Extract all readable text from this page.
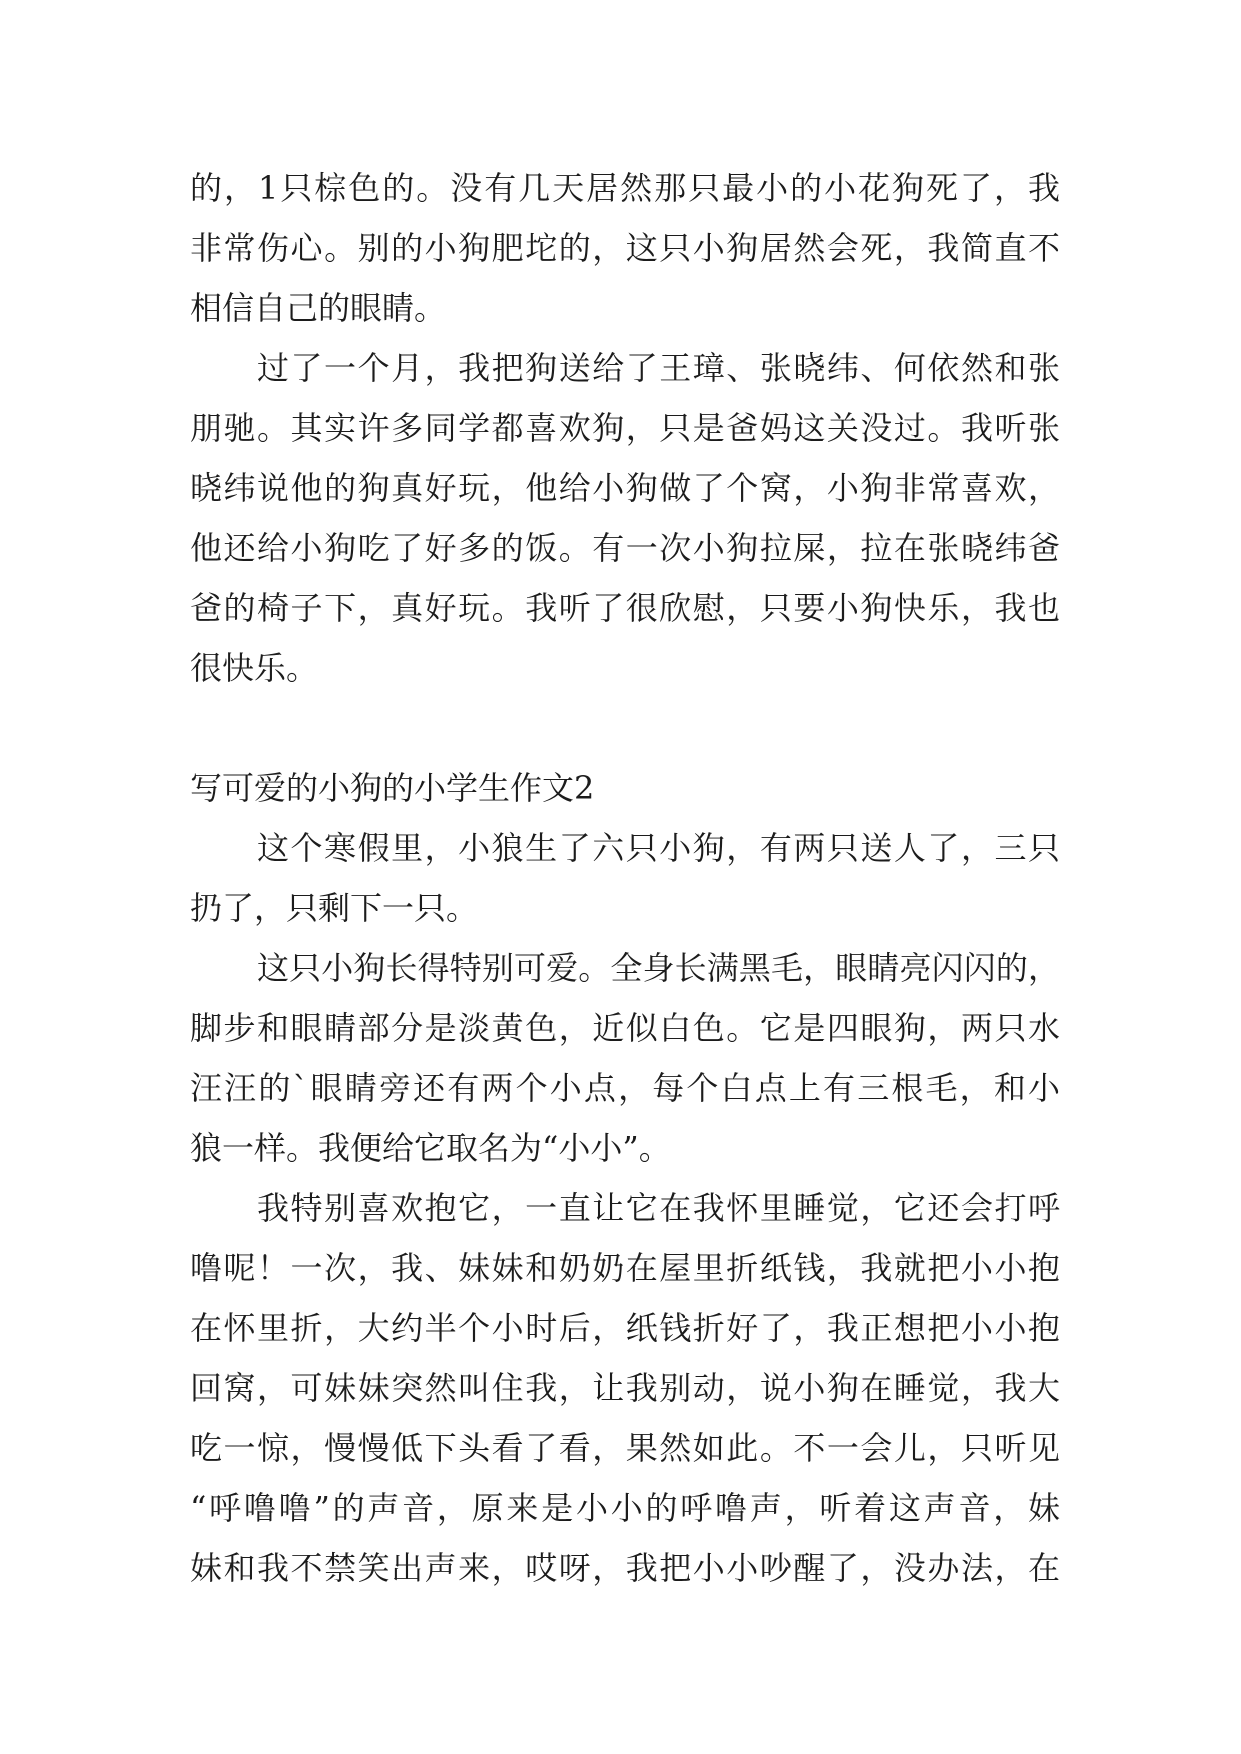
的，1只棕色的。没有几天居然那只最小的小花狗死了，我
非常伤心。别的小狗肥坨的，这只小狗居然会死，我简直不
相信自己的眼睛。
过了一个月，我把狗送给了王璋、张晓纬、何依然和张
朋驰。其实许多同学都喜欢狗，只是爸妈这关没过。我听张
晓纬说他的狗真好玩，他给小狗做了个窝，小狗非常喜欢，
他还给小狗吃了好多的饭。有一次小狗拉屎，拉在张晓纬爸
爸的椅子下，真好玩。我听了很欣慰，只要小狗快乐，我也
很快乐。
写可爱的小狗的小学生作文2
这个寒假里，小狼生了六只小狗，有两只送人了，三只
扔了，只剩下一只。
这只小狗长得特别可爱。全身长满黑毛，眼睛亮闪闪的，
脚步和眼睛部分是淡黄色，近似白色。它是四眼狗，两只水
汪汪的`眼睛旁还有两个小点，每个白点上有三根毛，和小
狼一样。我便给它取名为“小小”。
我特别喜欢抱它，一直让它在我怀里睡觉，它还会打呼
噜呢！一次，我、妹妹和奶奶在屋里折纸钱，我就把小小抱
在怀里折，大约半个小时后，纸钱折好了，我正想把小小抱
回窝，可妹妹突然叫住我，让我别动，说小狗在睡觉，我大
吃一惊，慢慢低下头看了看，果然如此。不一会儿，只听见
“呼噜噜”的声音，原来是小小的呼噜声，听着这声音，妹
妹和我不禁笑出声来，哎呀，我把小小吵醒了，没办法，在
